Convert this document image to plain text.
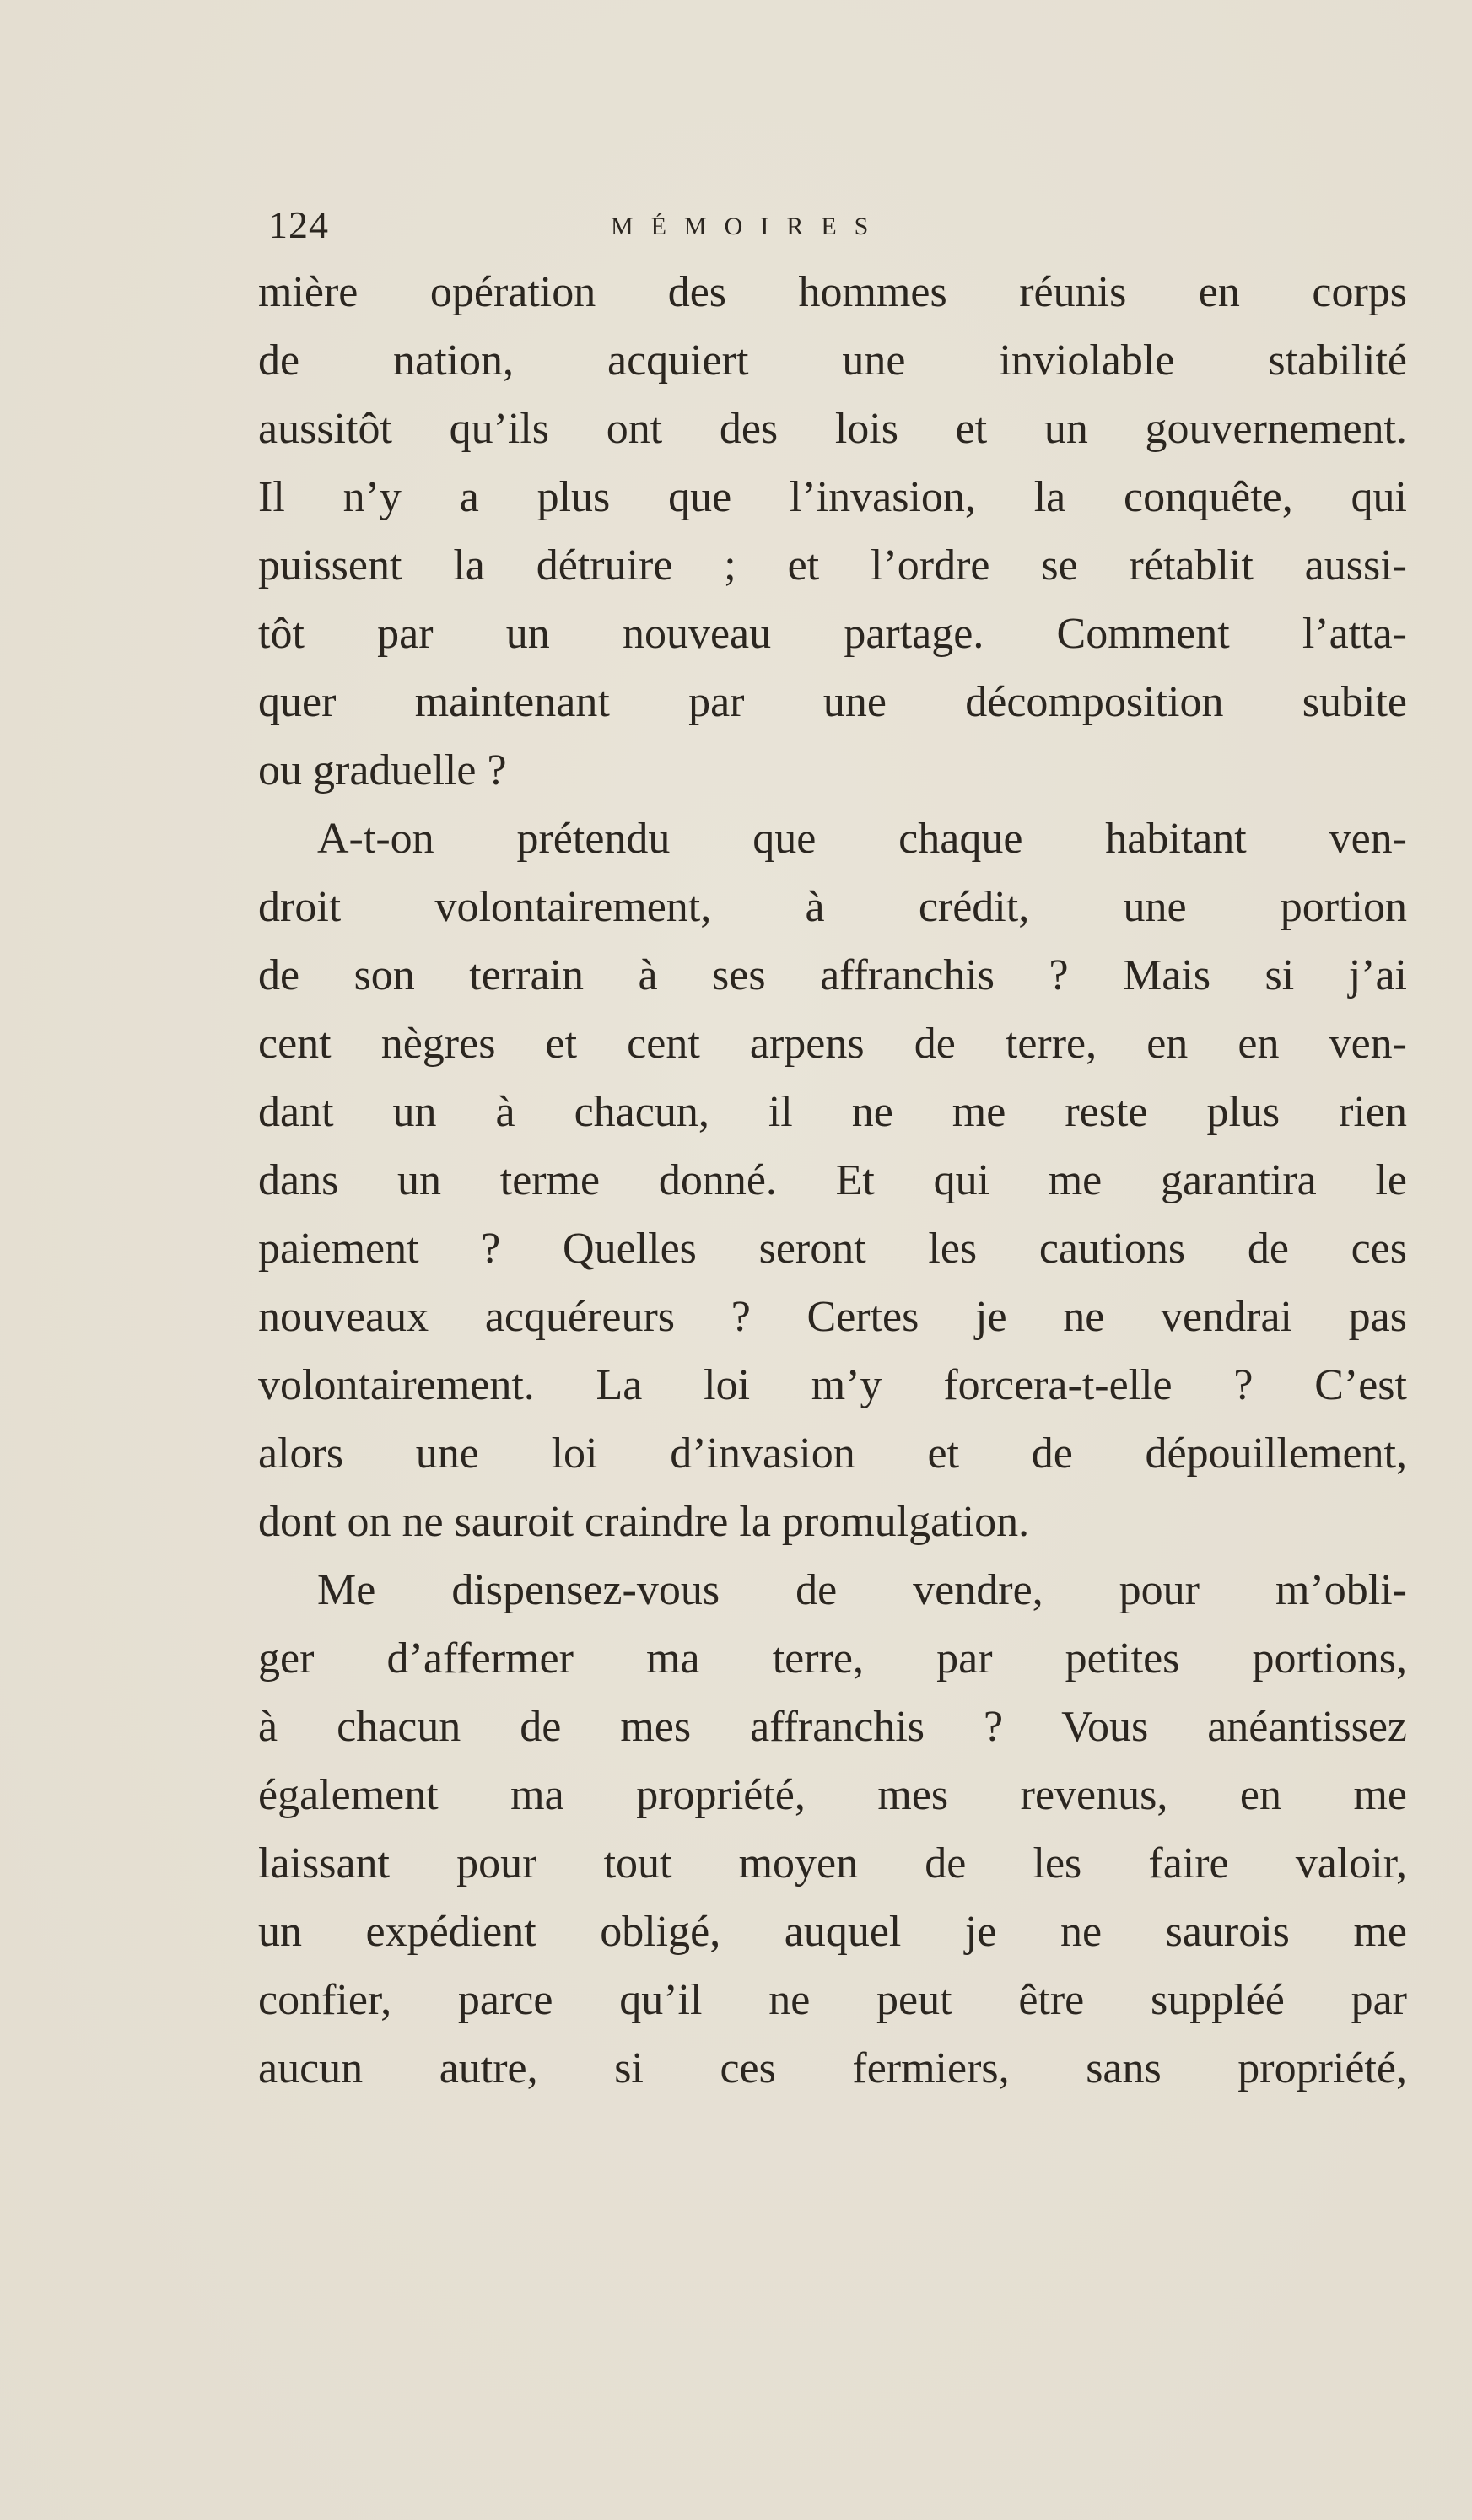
124	MÉMOIRES
mière opération des hommes réunis en corps
de nation, acquiert une inviolable stabilité
aussitôt qu’ils ont des lois et un gouvernement.
Il n’y a plus que l’invasion, la conquête, qui
puissent la détruire ; et l’ordre se rétablit aussi-
tôt par un nouveau partage. Comment l’atta-
quer maintenant par une décomposition subite
ou graduelle ?
A-t-on prétendu que chaque habitant ven-
droit volontairement, à crédit, une portion
de son terrain à ses affranchis ? Mais si j’ai
cent nègres et cent arpens de terre, en en ven-
dant un à chacun, il ne me reste plus rien
dans un terme donné. Et qui me garantira le
paiement ? Quelles seront les cautions de ces
nouveaux acquéreurs ? Certes je ne vendrai pas
volontairement. La loi m’y forcera-t-elle ? C’est
alors une loi d’invasion et de dépouillement,
dont on ne sauroit craindre la promulgation.
Me dispensez-vous de vendre, pour m’obli-
ger d’affermer ma terre, par petites portions,
à chacun de mes affranchis ? Vous anéantissez
également ma propriété, mes revenus, en me
laissant pour tout moyen de les faire valoir,
un expédient obligé, auquel je ne saurois me
confier, parce qu’il ne peut être suppléé par
aucun autre, si ces fermiers, sans propriété,
